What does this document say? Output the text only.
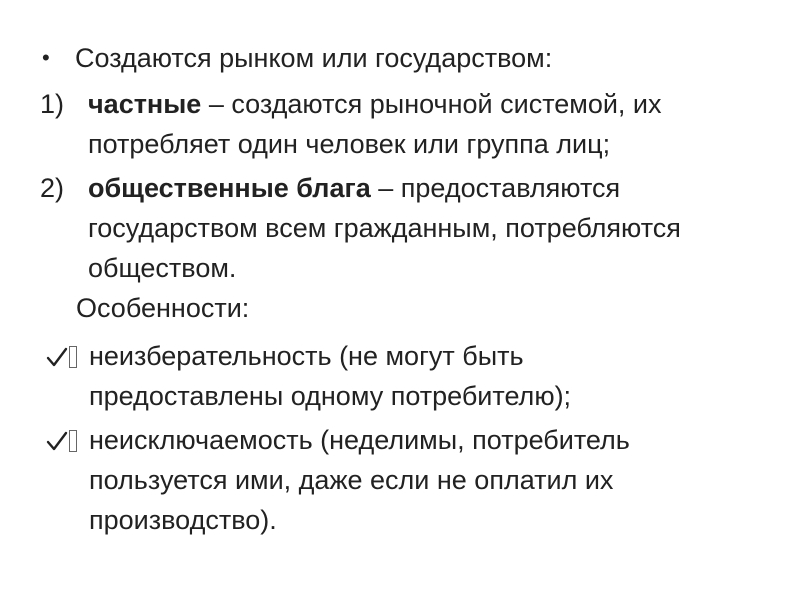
• Создаются рынком или государством:
1) частные – создаются рыночной системой, их
потребляет один человек или группа лиц;
2) общественные блага – предоставляются
государством всем гражданным, потребляются
обществом.
Особенности:
неизберательность (не могут быть
предоставлены одному потребителю);
неисключаемость (неделимы, потребитель
пользуется ими, даже если не оплатил их
производство).
